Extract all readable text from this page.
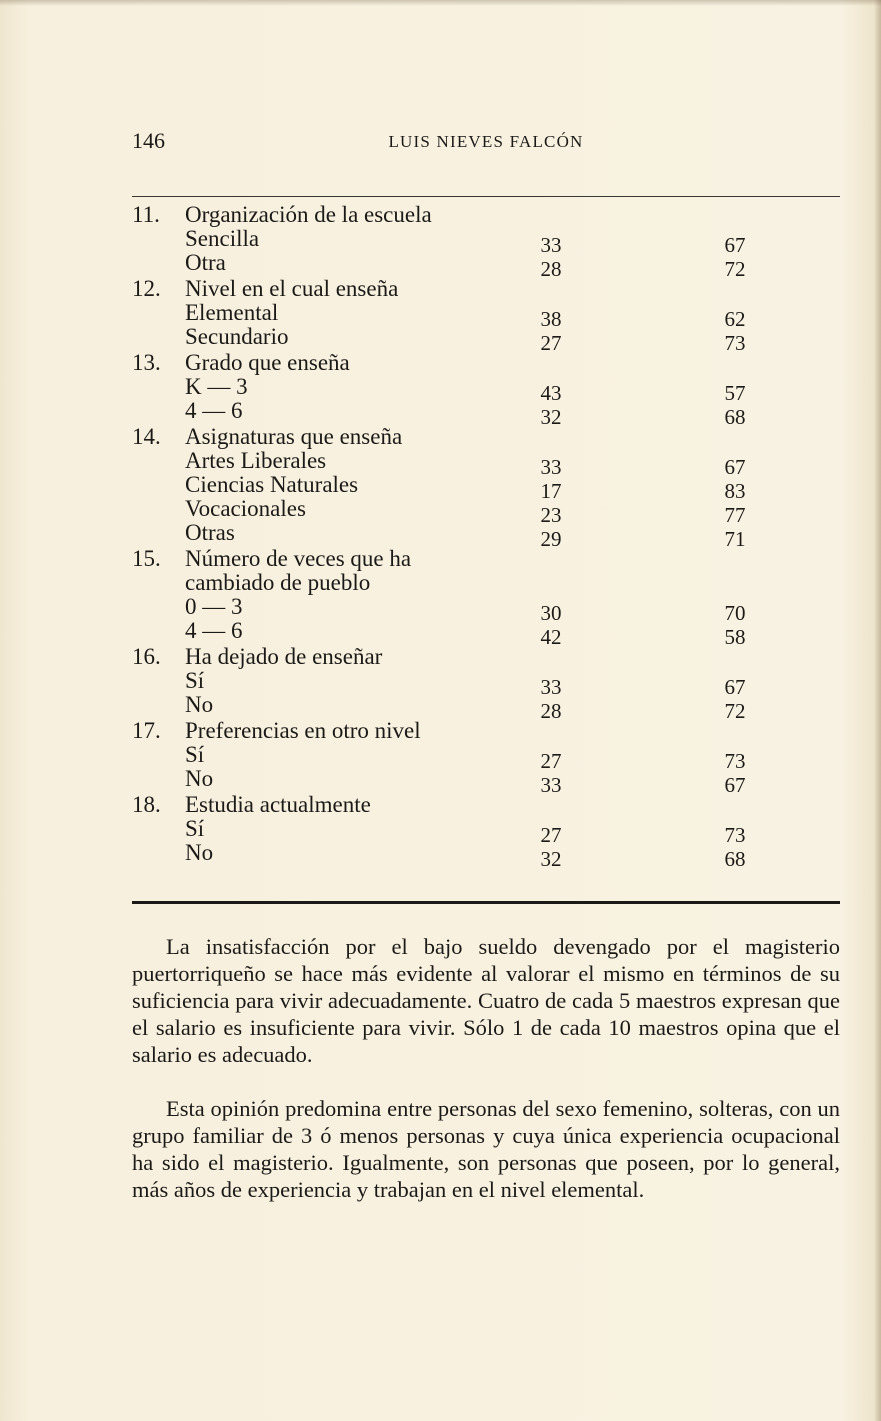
146	LUIS NIEVES FALCÓN
11. Organización de la escuela
Sencilla	33	67
Otra	28	72
12. Nivel en el cual enseña
Elemental	38	62
Secundario	27	73
13. Grado que enseña
K — 3	43	57
4 — 6	32	68
14. Asignaturas que enseña
Artes Liberales	33	67
Ciencias Naturales	17	83
Vocacionales	23	77
Otras	29	71
15. Número de veces que ha
cambiado de pueblo
0 — 3	30	70
4 — 6	42	58
16. Ha dejado de enseñar
Sí	33	67
No	28	72
17. Preferencias en otro nivel
Sí	27	73
No	33	67
18. Estudia actualmente
Sí	27	73
No	32	68

La insatisfacción por el bajo sueldo devengado por el magisterio puertorriqueño se hace más evidente al valorar el mismo en términos de su suficiencia para vivir adecuadamente. Cuatro de cada 5 maestros expresan que el salario es insuficiente para vivir. Sólo 1 de cada 10 maestros opina que el salario es adecuado.

Esta opinión predomina entre personas del sexo femenino, solteras, con un grupo familiar de 3 ó menos personas y cuya única experiencia ocupacional ha sido el magisterio. Igualmente, son personas que poseen, por lo general, más años de experiencia y trabajan en el nivel elemental.
